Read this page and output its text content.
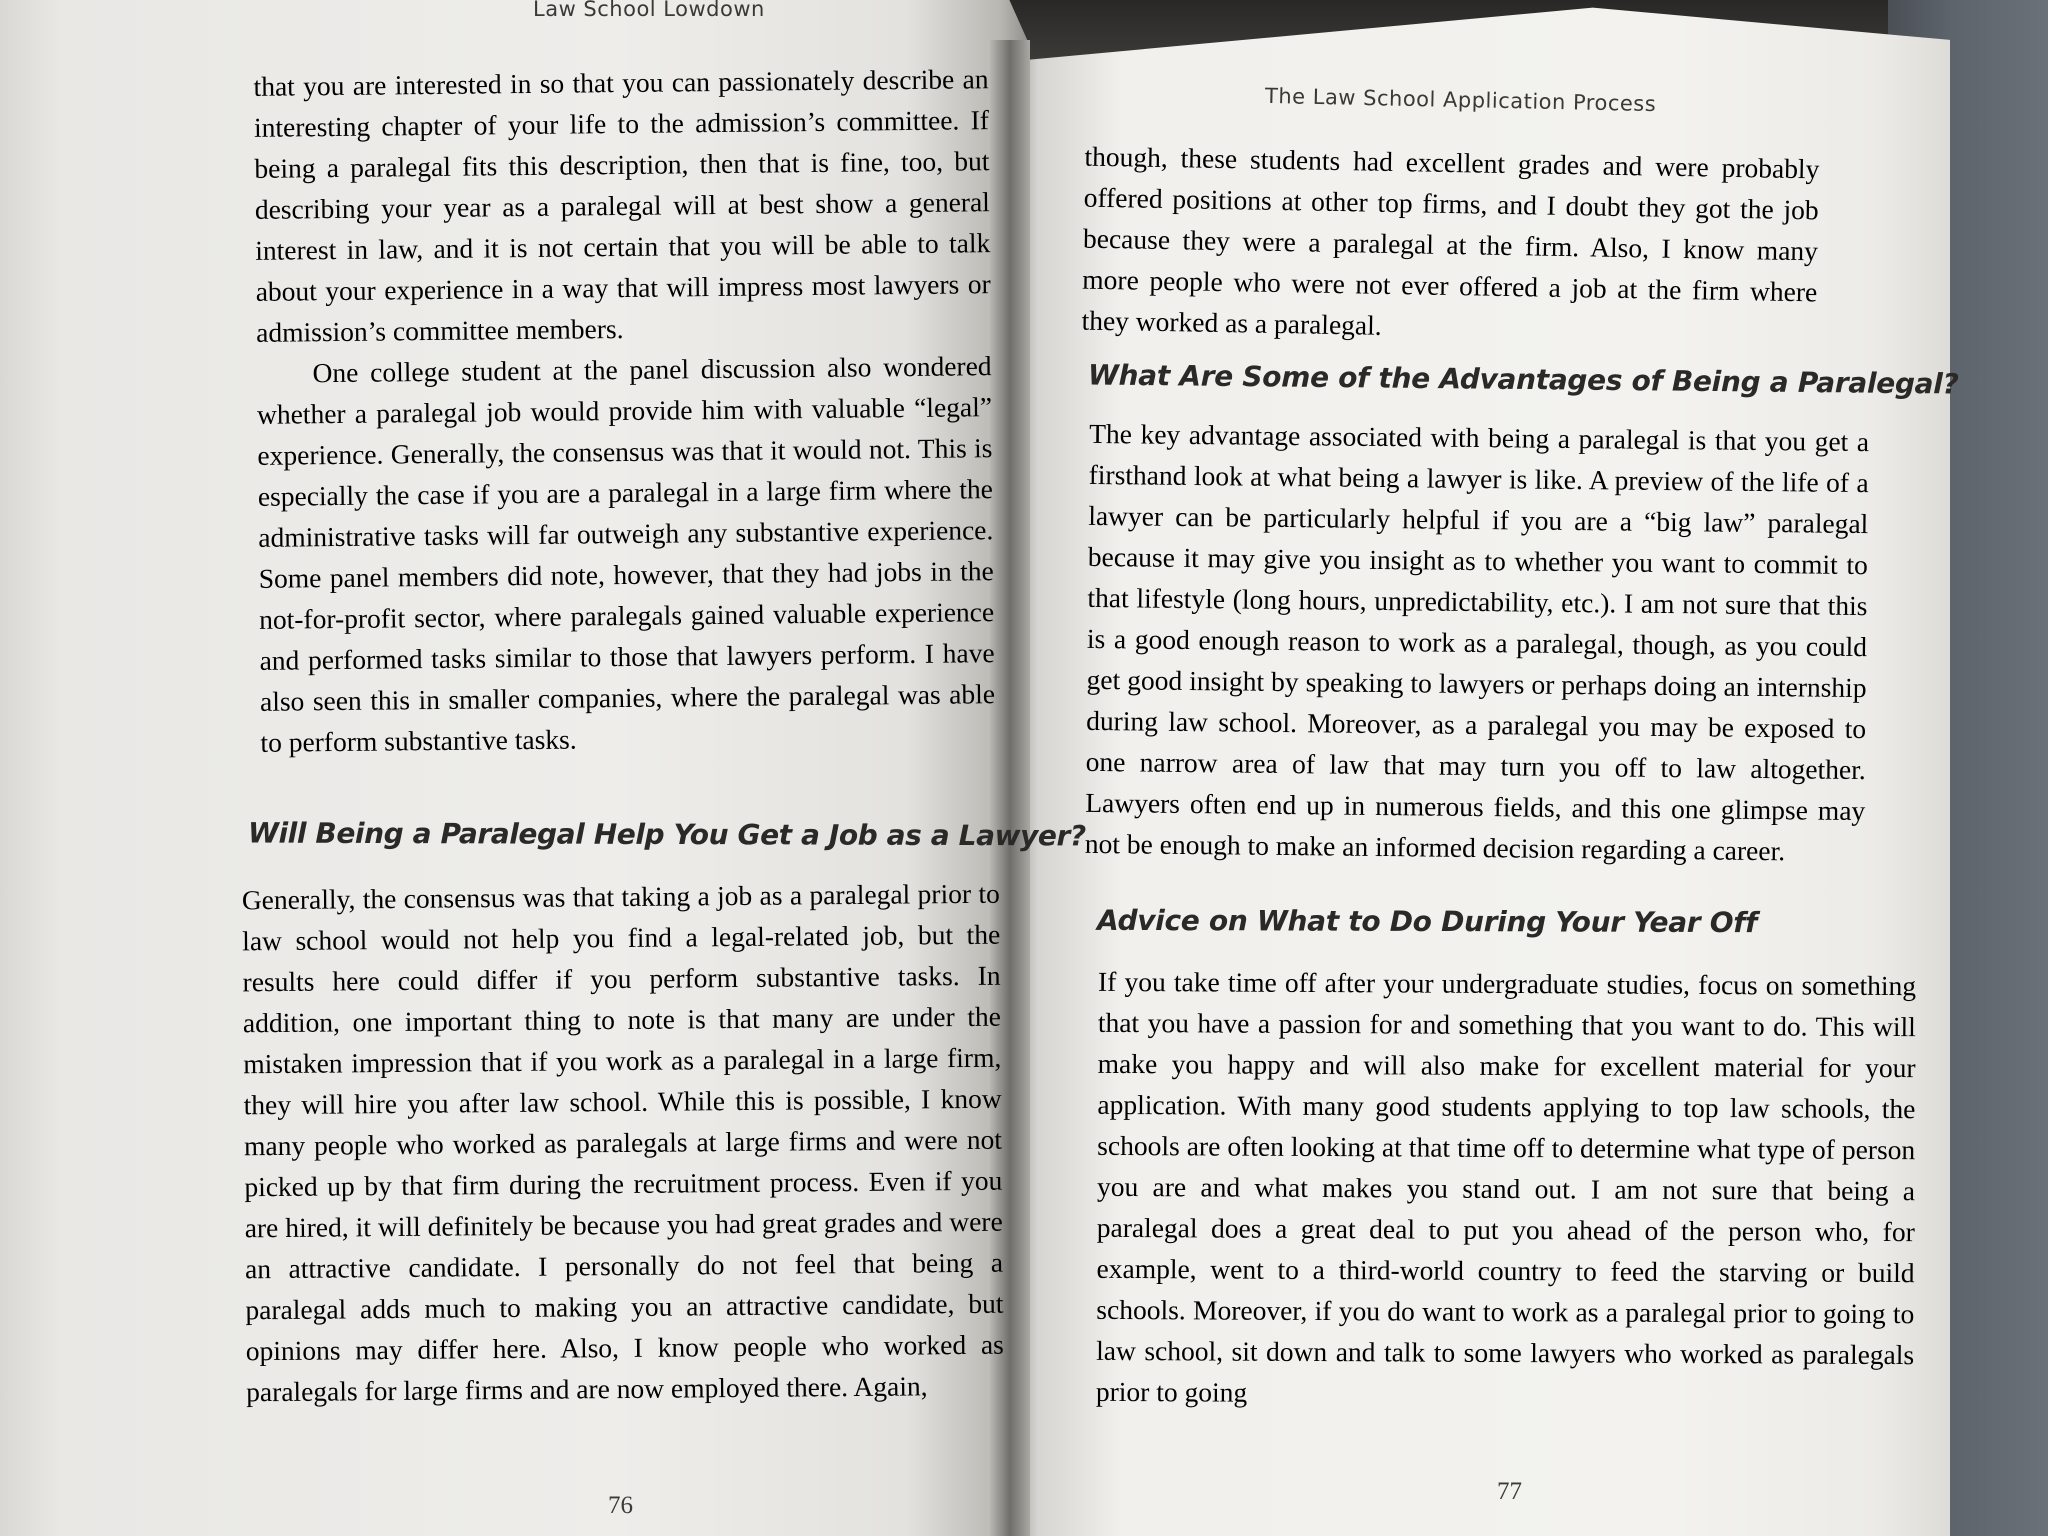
Law School Lowdown

that you are interested in so that you can passionately describe an interesting chapter of your life to the admission’s committee. If being a paralegal fits this description, then that is fine, too, but describing your year as a paralegal will at best show a general interest in law, and it is not certain that you will be able to talk about your experience in a way that will impress most lawyers or admission’s committee members.

One college student at the panel discussion also wondered whether a paralegal job would provide him with valuable “legal” experience. Generally, the consensus was that it would not. This is especially the case if you are a paralegal in a large firm where the administrative tasks will far outweigh any substantive experience. Some panel members did note, however, that they had jobs in the not-for-profit sector, where paralegals gained valuable experience and performed tasks similar to those that lawyers perform. I have also seen this in smaller companies, where the paralegal was able to perform substantive tasks.

Will Being a Paralegal Help You Get a Job as a Lawyer?

Generally, the consensus was that taking a job as a paralegal prior to law school would not help you find a legal-related job, but the results here could differ if you perform substantive tasks. In addition, one important thing to note is that many are under the mistaken impression that if you work as a paralegal in a large firm, they will hire you after law school. While this is possible, I know many people who worked as paralegals at large firms and were not picked up by that firm during the recruitment process. Even if you are hired, it will definitely be because you had great grades and were an attractive candidate. I personally do not feel that being a paralegal adds much to making you an attractive candidate, but opinions may differ here. Also, I know people who worked as paralegals for large firms and are now employed there. Again,

76
The Law School Application Process

though, these students had excellent grades and were probably offered positions at other top firms, and I doubt they got the job because they were a paralegal at the firm. Also, I know many more people who were not ever offered a job at the firm where they worked as a paralegal.

What Are Some of the Advantages of Being a Paralegal?

The key advantage associated with being a paralegal is that you get a firsthand look at what being a lawyer is like. A preview of the life of a lawyer can be particularly helpful if you are a “big law” paralegal because it may give you insight as to whether you want to commit to that lifestyle (long hours, unpredictability, etc.). I am not sure that this is a good enough reason to work as a paralegal, though, as you could get good insight by speaking to lawyers or perhaps doing an internship during law school. Moreover, as a paralegal you may be exposed to one narrow area of law that may turn you off to law altogether. Lawyers often end up in numerous fields, and this one glimpse may not be enough to make an informed decision regarding a career.

Advice on What to Do During Your Year Off

If you take time off after your undergraduate studies, focus on something that you have a passion for and something that you want to do. This will make you happy and will also make for excellent material for your application. With many good students applying to top law schools, the schools are often looking at that time off to determine what type of person you are and what makes you stand out. I am not sure that being a paralegal does a great deal to put you ahead of the person who, for example, went to a third-world country to feed the starving or build schools. Moreover, if you do want to work as a paralegal prior to going to law school, sit down and talk to some lawyers who worked as paralegals prior to going

77
